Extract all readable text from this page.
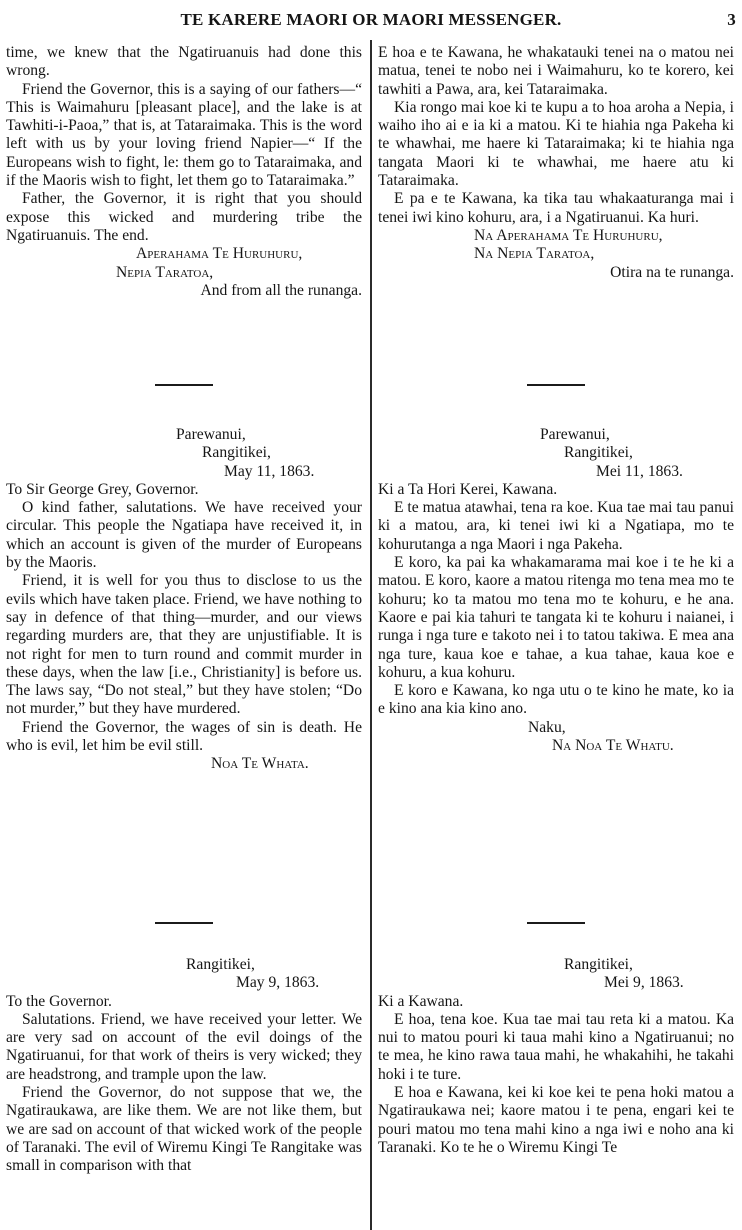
TE KARERE MAORI OR MAORI MESSENGER.	3

time, we knew that the Ngatiruanuis had done this wrong.

Friend the Governor, this is a saying of our fathers—“ This is Waimahuru [pleasant place], and the lake is at Tawhiti-i-Paoa,” that is, at Tataraimaka. This is the word left with us by your loving friend Napier—“ If the Europeans wish to fight, le: them go to Tataraimaka, and if the Maoris wish to fight, let them go to Tataraimaka.”

Father, the Governor, it is right that you should expose this wicked and murdering tribe the Ngatiruanuis. The end.

Aperahama Te Huruhuru,

Nepia Taratoa,

And from all the runanga.

Parewanui,

Rangitikei,

May 11, 1863.

To Sir George Grey, Governor.

O kind father, salutations. We have received your circular. This people the Ngatiapa have received it, in which an account is given of the murder of Europeans by the Maoris.

Friend, it is well for you thus to disclose to us the evils which have taken place. Friend, we have nothing to say in defence of that thing—murder, and our views regarding murders are, that they are unjustifiable. It is not right for men to turn round and commit murder in these days, when the law [i.e., Christianity] is before us. The laws say, “Do not steal,” but they have stolen; “Do not murder,” but they have murdered.

Friend the Governor, the wages of sin is death. He who is evil, let him be evil still.

Noa Te Whata.

Rangitikei,

May 9, 1863.

To the Governor.

Salutations. Friend, we have received your letter. We are very sad on account of the evil doings of the Ngatiruanui, for that work of theirs is very wicked; they are headstrong, and trample upon the law.

Friend the Governor, do not suppose that we, the Ngatiraukawa, are like them. We are not like them, but we are sad on account of that wicked work of the people of Taranaki. The evil of Wiremu Kingi Te Rangitake was small in comparison with that

E hoa e te Kawana, he whakatauki tenei na o matou nei matua, tenei te nobo nei i Waimahuru, ko te korero, kei tawhiti a Pawa, ara, kei Tataraimaka.

Kia rongo mai koe ki te kupu a to hoa aroha a Nepia, i waiho iho ai e ia ki a matou. Ki te hiahia nga Pakeha ki te whawhai, me haere ki Tataraimaka; ki te hiahia nga tangata Maori ki te whawhai, me haere atu ki Tataraimaka.

E pa e te Kawana, ka tika tau whakaaturanga mai i tenei iwi kino kohuru, ara, i a Ngatiruanui. Ka huri.

Na Aperahama Te Huruhuru,

Na Nepia Taratoa,

Otira na te runanga.

Parewanui,

Rangitikei,

Mei 11, 1863.

Ki a Ta Hori Kerei, Kawana.

E te matua atawhai, tena ra koe. Kua tae mai tau panui ki a matou, ara, ki tenei iwi ki a Ngatiapa, mo te kohurutanga a nga Maori i nga Pakeha.

E koro, ka pai ka whakamarama mai koe i te he ki a matou. E koro, kaore a matou ritenga mo tena mea mo te kohuru; ko ta matou mo tena mo te kohuru, e he ana. Kaore e pai kia tahuri te tangata ki te kohuru i naianei, i runga i nga ture e takoto nei i to tatou takiwa. E mea ana nga ture, kaua koe e tahae, a kua tahae, kaua koe e kohuru, a kua kohuru.

E koro e Kawana, ko nga utu o te kino he mate, ko ia e kino ana kia kino ano.

Naku,

Na Noa Te Whatu.

Rangitikei,

Mei 9, 1863.

Ki a Kawana.

E hoa, tena koe. Kua tae mai tau reta ki a matou. Ka nui to matou pouri ki taua mahi kino a Ngatiruanui; no te mea, he kino rawa taua mahi, he whakahihi, he takahi hoki i te ture.

E hoa e Kawana, kei ki koe kei te pena hoki matou a Ngatiraukawa nei; kaore matou i te pena, engari kei te pouri matou mo tena mahi kino a nga iwi e noho ana ki Taranaki. Ko te he o Wiremu Kingi Te
